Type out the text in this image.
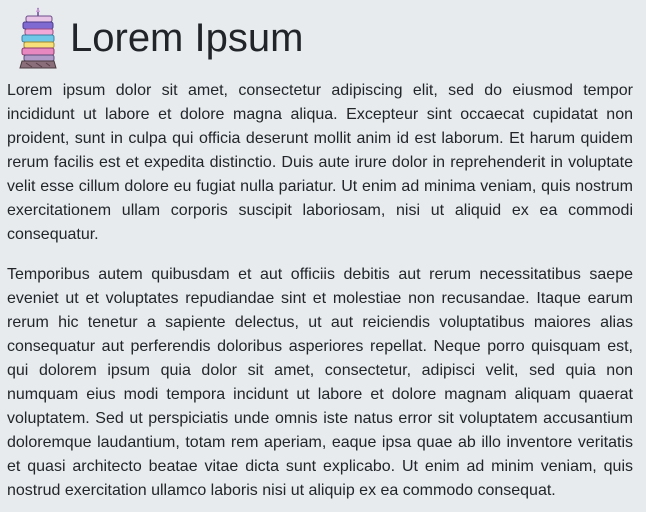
Lorem Ipsum

Lorem ipsum dolor sit amet, consectetur adipiscing elit, sed do eiusmod tempor incididunt ut labore et dolore magna aliqua. Excepteur sint occaecat cupidatat non proident, sunt in culpa qui officia deserunt mollit anim id est laborum. Et harum quidem rerum facilis est et expedita distinctio. Duis aute irure dolor in reprehenderit in voluptate velit esse cillum dolore eu fugiat nulla pariatur. Ut enim ad minima veniam, quis nostrum exercitationem ullam corporis suscipit laboriosam, nisi ut aliquid ex ea commodi consequatur.

Temporibus autem quibusdam et aut officiis debitis aut rerum necessitatibus saepe eveniet ut et voluptates repudiandae sint et molestiae non recusandae. Itaque earum rerum hic tenetur a sapiente delectus, ut aut reiciendis voluptatibus maiores alias consequatur aut perferendis doloribus asperiores repellat. Neque porro quisquam est, qui dolorem ipsum quia dolor sit amet, consectetur, adipisci velit, sed quia non numquam eius modi tempora incidunt ut labore et dolore magnam aliquam quaerat voluptatem. Sed ut perspiciatis unde omnis iste natus error sit voluptatem accusantium doloremque laudantium, totam rem aperiam, eaque ipsa quae ab illo inventore veritatis et quasi architecto beatae vitae dicta sunt explicabo. Ut enim ad minim veniam, quis nostrud exercitation ullamco laboris nisi ut aliquip ex ea commodo consequat.
